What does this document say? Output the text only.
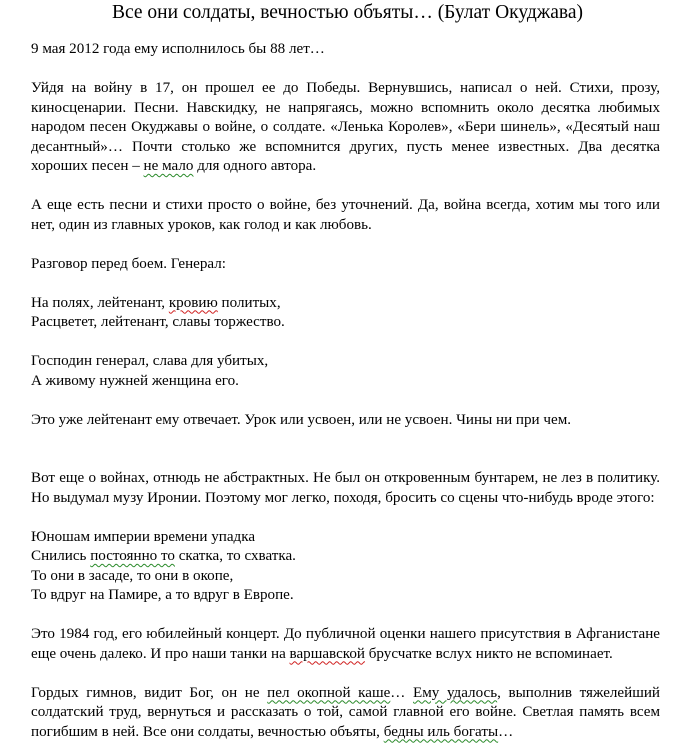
Все они солдаты, вечностью объяты… (Булат Окуджава)

9 мая 2012 года ему исполнилось бы 88 лет…

Уйдя на войну в 17, он прошел ее до Победы. Вернувшись, написал о ней. Стихи, прозу, киносценарии. Песни. Навскидку, не напрягаясь, можно вспомнить около десятка любимых народом песен Окуджавы о войне, о солдате. «Ленька Королев», «Бери шинель», «Десятый наш десантный»… Почти столько же вспомнится других, пусть менее известных. Два десятка хороших песен – не мало для одного автора.

А еще есть песни и стихи просто о войне, без уточнений. Да, война всегда, хотим мы того или нет, один из главных уроков, как голод и как любовь.

Разговор перед боем. Генерал:

На полях, лейтенант, кровию политых,
Расцветет, лейтенант, славы торжество.

Господин генерал, слава для убитых,
А живому нужней женщина его.

Это уже лейтенант ему отвечает. Урок или усвоен, или не усвоен. Чины ни при чем.

Вот еще о войнах, отнюдь не абстрактных. Не был он откровенным бунтарем, не лез в политику. Но выдумал музу Иронии. Поэтому мог легко, походя, бросить со сцены что-нибудь вроде этого:

Юношам империи времени упадка
Снились постоянно то скатка, то схватка.
То они в засаде, то они в окопе,
То вдруг на Памире, а то вдруг в Европе.

Это 1984 год, его юбилейный концерт. До публичной оценки нашего присутствия в Афганистане еще очень далеко. И про наши танки на варшавской брусчатке вслух никто не вспоминает.

Гордых гимнов, видит Бог, он не пел окопной каше… Ему удалось, выполнив тяжелейший солдатский труд, вернуться и рассказать о той, самой главной его войне. Светлая память всем погибшим в ней. Все они солдаты, вечностью объяты, бедны иль богаты…
